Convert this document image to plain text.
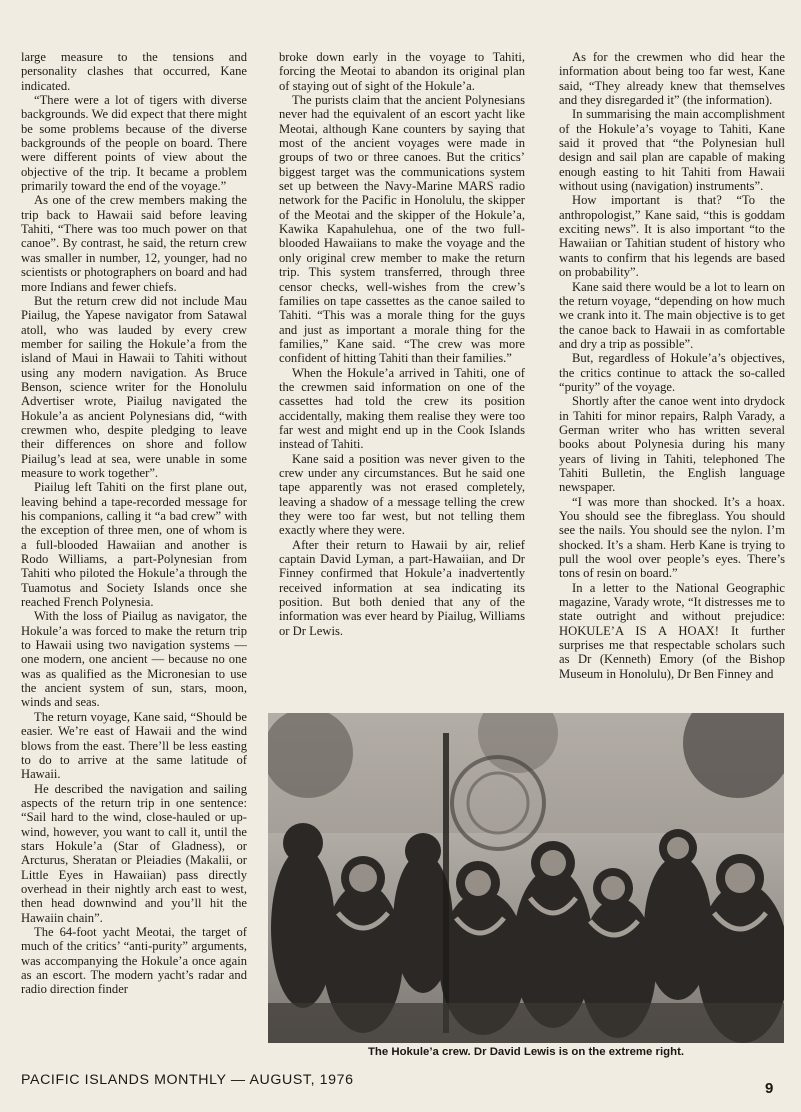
large measure to the tensions and personality clashes that occurred, Kane indicated.

“There were a lot of tigers with diverse backgrounds. We did expect that there might be some problems because of the diverse backgrounds of the people on board. There were different points of view about the objective of the trip. It became a problem primarily toward the end of the voyage.”

As one of the crew members making the trip back to Hawaii said before leaving Tahiti, “There was too much power on that canoe”. By contrast, he said, the return crew was smaller in number, 12, younger, had no scientists or photographers on board and had more Indians and fewer chiefs.

But the return crew did not include Mau Piailug, the Yapese navigator from Satawal atoll, who was lauded by every crew member for sailing the Hokule’a from the island of Maui in Hawaii to Tahiti without using any modern navigation. As Bruce Benson, science writer for the Honolulu Advertiser wrote, Piailug navigated the Hokule’a as ancient Polynesians did, “with crewmen who, despite pledging to leave their differences on shore and follow Piailug’s lead at sea, were unable in some measure to work together”.

Piailug left Tahiti on the first plane out, leaving behind a tape-recorded message for his companions, calling it “a bad crew” with the exception of three men, one of whom is a full-blooded Hawaiian and another is Rodo Williams, a part-Polynesian from Tahiti who piloted the Hokule’a through the Tuamotus and Society Islands once she reached French Polynesia.

With the loss of Piailug as navigator, the Hokule’a was forced to make the return trip to Hawaii using two navigation systems — one modern, one ancient — because no one was as qualified as the Micronesian to use the ancient system of sun, stars, moon, winds and seas.

The return voyage, Kane said, “Should be easier. We’re east of Hawaii and the wind blows from the east. There’ll be less easting to do to arrive at the same latitude of Hawaii.

He described the navigation and sailing aspects of the return trip in one sentence: “Sail hard to the wind, close-hauled or up-wind, however, you want to call it, until the stars Hokule’a (Star of Gladness), or Arcturus, Sheratan or Pleiadies (Makalii, or Little Eyes in Hawaiian) pass directly overhead in their nightly arch east to west, then head downwind and you’ll hit the Hawaiin chain”.

The 64-foot yacht Meotai, the target of much of the critics’ “anti-purity” arguments, was accompanying the Hokule’a once again as an escort. The modern yacht’s radar and radio direction finder

broke down early in the voyage to Tahiti, forcing the Meotai to abandon its original plan of staying out of sight of the Hokule’a.

The purists claim that the ancient Polynesians never had the equivalent of an escort yacht like Meotai, although Kane counters by saying that most of the ancient voyages were made in groups of two or three canoes. But the critics’ biggest target was the communications system set up between the Navy-Marine MARS radio network for the Pacific in Honolulu, the skipper of the Meotai and the skipper of the Hokule’a, Kawika Kapahulehua, one of the two full-blooded Hawaiians to make the voyage and the only original crew member to make the return trip. This system transferred, through three censor checks, well-wishes from the crew’s families on tape cassettes as the canoe sailed to Tahiti. “This was a morale thing for the guys and just as important a morale thing for the families,” Kane said. “The crew was more confident of hitting Tahiti than their families.”

When the Hokule’a arrived in Tahiti, one of the crewmen said information on one of the cassettes had told the crew its position accidentally, making them realise they were too far west and might end up in the Cook Islands instead of Tahiti.

Kane said a position was never given to the crew under any circumstances. But he said one tape apparently was not erased completely, leaving a shadow of a message telling the crew they were too far west, but not telling them exactly where they were.

After their return to Hawaii by air, relief captain David Lyman, a part-Hawaiian, and Dr Finney confirmed that Hokule’a inadvertently received information at sea indicating its position. But both denied that any of the information was ever heard by Piailug, Williams or Dr Lewis.

As for the crewmen who did hear the information about being too far west, Kane said, “They already knew that themselves and they disregarded it” (the information).

In summarising the main accomplishment of the Hokule’a’s voyage to Tahiti, Kane said it proved that “the Polynesian hull design and sail plan are capable of making enough easting to hit Tahiti from Hawaii without using (navigation) instruments”.

How important is that? “To the anthropologist,” Kane said, “this is goddam exciting news”. It is also important “to the Hawaiian or Tahitian student of history who wants to confirm that his legends are based on probability”.

Kane said there would be a lot to learn on the return voyage, “depending on how much we crank into it. The main objective is to get the canoe back to Hawaii in as comfortable and dry a trip as possible”.

But, regardless of Hokule’a’s objectives, the critics continue to attack the so-called “purity” of the voyage.

Shortly after the canoe went into drydock in Tahiti for minor repairs, Ralph Varady, a German writer who has written several books about Polynesia during his many years of living in Tahiti, telephoned The Tahiti Bulletin, the English language newspaper.

“I was more than shocked. It’s a hoax. You should see the fibreglass. You should see the nails. You should see the nylon. I’m shocked. It’s a sham. Herb Kane is trying to pull the wool over people’s eyes. There’s tons of resin on board.”

In a letter to the National Geographic magazine, Varady wrote, “It distresses me to state outright and without prejudice: HOKULE’A IS A HOAX! It further surprises me that respectable scholars such as Dr (Kenneth) Emory (of the Bishop Museum in Honolulu), Dr Ben Finney and

The Hokule’a crew. Dr David Lewis is on the extreme right.
PACIFIC ISLANDS MONTHLY — AUGUST, 1976	9
